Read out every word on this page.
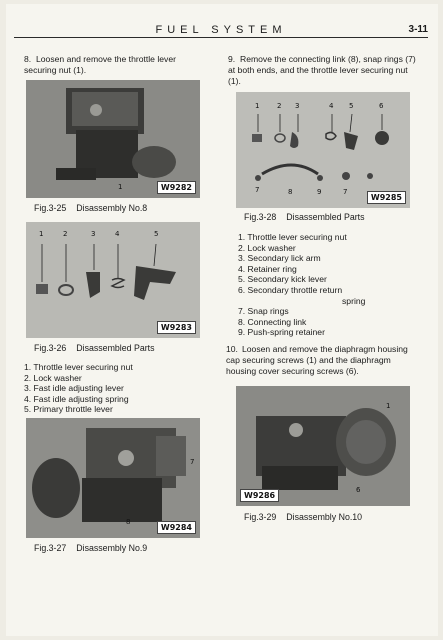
FUEL SYSTEM	3-11
8. Loosen and remove the throttle lever securing nut (1).
1	W9282
Fig.3-25 Disassembly No.8
1	2	3	4	5
W9283
Fig.3-26 Disassembled Parts
1. Throttle lever securing nut
2. Lock washer
3. Fast idle adjusting lever
4. Fast idle adjusting spring
5. Primary throttle lever
7
8
W9284
Fig.3-27 Disassembly No.9
9. Remove the connecting link (8), snap rings (7) at both ends, and the throttle lever securing nut (1).
1	2 3	4 5	6
7	8	9	7
W9285
Fig.3-28 Disassembled Parts
1. Throttle lever securing nut
2. Lock washer
3. Secondary lick arm
4. Retainer ring
5. Secondary kick lever
6. Secondary throttle return
spring
7. Snap rings
8. Connecting link
9. Push-spring retainer
10. Loosen and remove the diaphragm housing cap securing screws (1) and the diaphragm housing cover securing screws (6).
6
1
W9286
Fig.3-29 Disassembly No.10
